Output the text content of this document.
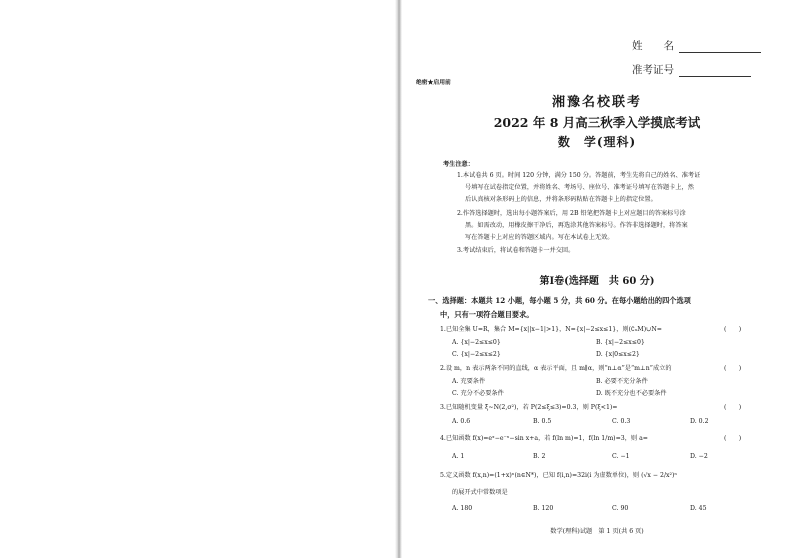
姓　　名
准考证号
绝密★启用前
湘豫名校联考
2022 年 8 月高三秋季入学摸底考试
数　学(理科)
考生注意：
1.本试卷共 6 页。时间 120 分钟，满分 150 分。答题前，考生先将自己的姓名、准考证
号填写在试卷指定位置，并将姓名、考场号、座位号、准考证号填写在答题卡上，然
后认真核对条形码上的信息，并将条形码粘贴在答题卡上的指定位置。
2.作答选择题时，选出每小题答案后，用 2B 铅笔把答题卡上对应题目的答案标号涂
黑。如需改动，用橡皮擦干净后，再选涂其他答案标号。作答非选择题时，将答案
写在答题卡上对应的答题区域内。写在本试卷上无效。
3.考试结束后，将试卷和答题卡一并交回。
第Ⅰ卷(选择题　共 60 分)
一、选择题：本题共 12 小题，每小题 5 分，共 60 分。在每小题给出的四个选项
中，只有一项符合题目要求。
1.已知全集 U=R，集合 M={x||x−1|>1}，N={x|−2≤x≤1}，则(∁ᵤM)∪N=	(　　)
A. {x|−2≤x≤0}	B. {x|−2≤x≤0}
C. {x|−2≤x≤2}	D. {x|0≤x≤2}
2.设 m，n 表示两条不同的直线，α 表示平面，且 m∥α，则“n⊥α”是“m⊥n”成立的	(　　)
A. 充要条件	B. 必要不充分条件
C. 充分不必要条件	D. 既不充分也不必要条件
3.已知随机变量 ξ~N(2,σ²)，若 P(2≤ξ≤3)=0.3，则 P(ξ<1)=	(　　)
A. 0.6	B. 0.5	C. 0.3	D. 0.2
4.已知函数 f(x)=eˣ−e⁻ˣ−sin x+a，若 f(ln m)=1，f(ln 1/m)=3，则 a=	(　　)
A. 1	B. 2	C. −1	D. −2
5.定义函数 f(x,n)=(1+x)ⁿ(n∈N*)，已知 f(i,n)=32i(i 为虚数单位)，则 (√x − 2/x²)ⁿ
的展开式中常数项是
A. 180	B. 120	C. 90	D. 45
数学(理科)试题　第 1 页(共 6 页)
